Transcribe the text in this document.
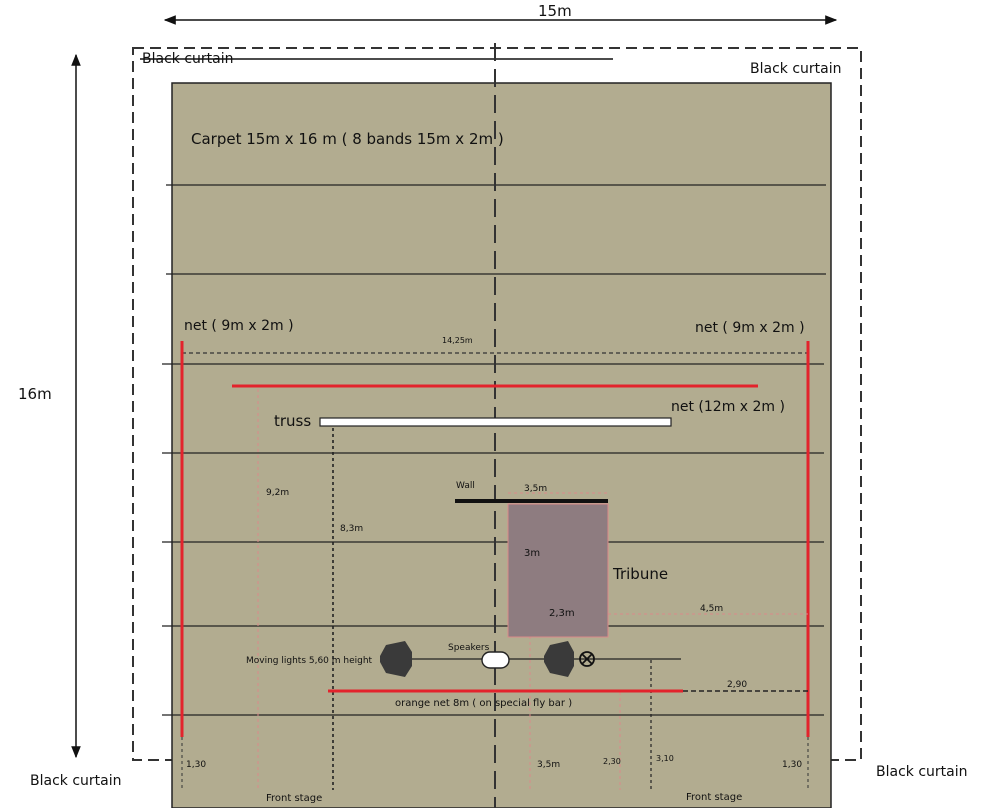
15m
16m
Black curtain
Black curtain
Black curtain
Black curtain
Carpet 15m x 16 m ( 8 bands 15m x 2m )
net ( 9m x 2m )	net ( 9m x 2m )
14,25m
net (12m x 2m )
truss
9,2m
8,3m
Wall	3,5m
3m
Tribune
2,3m	4,5m
Speakers
Moving lights 5,60 m height
2,90
orange net 8m ( on special fly bar )
1,30	3,5m	2,30	3,10
1,30
Front stage	Front stage
